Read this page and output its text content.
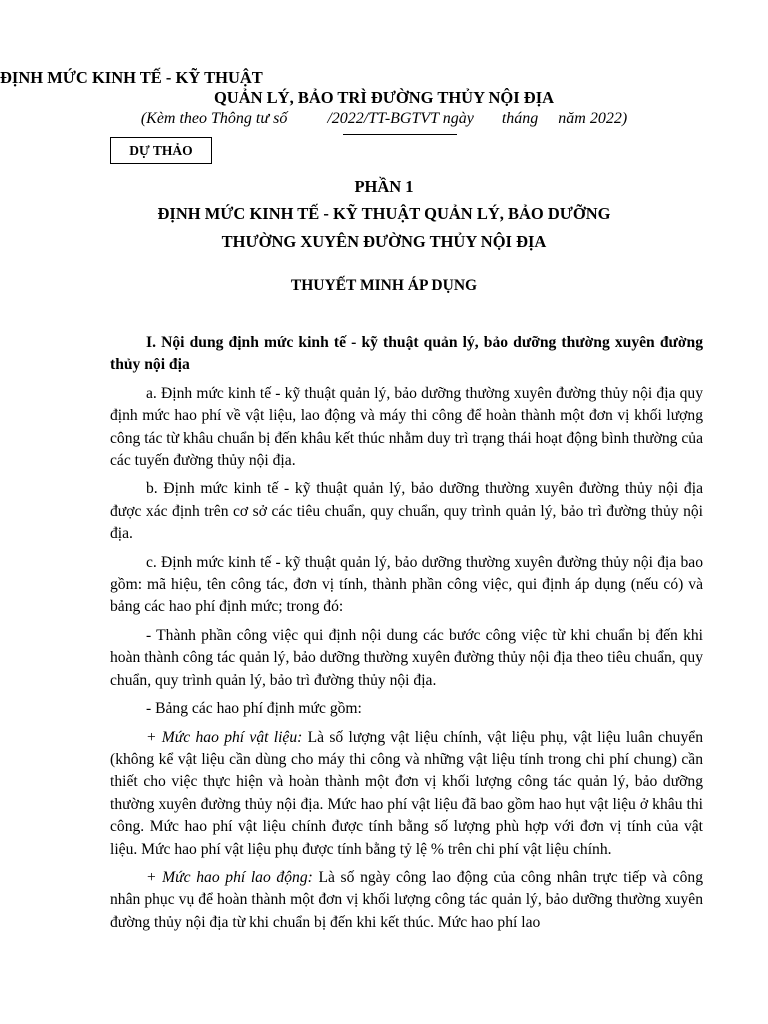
ĐỊNH MỨC KINH TẾ - KỸ THUẬT
QUẢN LÝ, BẢO TRÌ ĐƯỜNG THỦY NỘI ĐỊA
(Kèm theo Thông tư số          /2022/TT-BGTVT ngày       tháng     năm 2022)
DỰ THẢO
PHẦN 1
ĐỊNH MỨC KINH TẾ - KỸ THUẬT QUẢN LÝ, BẢO DƯỠNG
THƯỜNG XUYÊN ĐƯỜNG THỦY NỘI ĐỊA
THUYẾT MINH ÁP DỤNG

I. Nội dung định mức kinh tế - kỹ thuật quản lý, bảo dưỡng thường xuyên đường thủy nội địa

a. Định mức kinh tế - kỹ thuật quản lý, bảo dưỡng thường xuyên đường thủy nội địa quy định mức hao phí về vật liệu, lao động và máy thi công để hoàn thành một đơn vị khối lượng công tác từ khâu chuẩn bị đến khâu kết thúc nhằm duy trì trạng thái hoạt động bình thường của các tuyến đường thủy nội địa.

b. Định mức kinh tế - kỹ thuật quản lý, bảo dưỡng thường xuyên đường thủy nội địa được xác định trên cơ sở các tiêu chuẩn, quy chuẩn, quy trình quản lý, bảo trì đường thủy nội địa.

c. Định mức kinh tế - kỹ thuật quản lý, bảo dưỡng thường xuyên đường thủy nội địa bao gồm: mã hiệu, tên công tác, đơn vị tính, thành phần công việc, qui định áp dụng (nếu có) và bảng các hao phí định mức; trong đó:

- Thành phần công việc qui định nội dung các bước công việc từ khi chuẩn bị đến khi hoàn thành công tác quản lý, bảo dưỡng thường xuyên đường thủy nội địa theo tiêu chuẩn, quy chuẩn, quy trình quản lý, bảo trì đường thủy nội địa.

- Bảng các hao phí định mức gồm:

+ Mức hao phí vật liệu: Là số lượng vật liệu chính, vật liệu phụ, vật liệu luân chuyển (không kể vật liệu cần dùng cho máy thi công và những vật liệu tính trong chi phí chung) cần thiết cho việc thực hiện và hoàn thành một đơn vị khối lượng công tác quản lý, bảo dưỡng thường xuyên đường thủy nội địa. Mức hao phí vật liệu đã bao gồm hao hụt vật liệu ở khâu thi công. Mức hao phí vật liệu chính được tính bằng số lượng phù hợp với đơn vị tính của vật liệu. Mức hao phí vật liệu phụ được tính bằng tỷ lệ % trên chi phí vật liệu chính.

+ Mức hao phí lao động: Là số ngày công lao động của công nhân trực tiếp và công nhân phục vụ để hoàn thành một đơn vị khối lượng công tác quản lý, bảo dưỡng thường xuyên đường thủy nội địa từ khi chuẩn bị đến khi kết thúc. Mức hao phí lao
